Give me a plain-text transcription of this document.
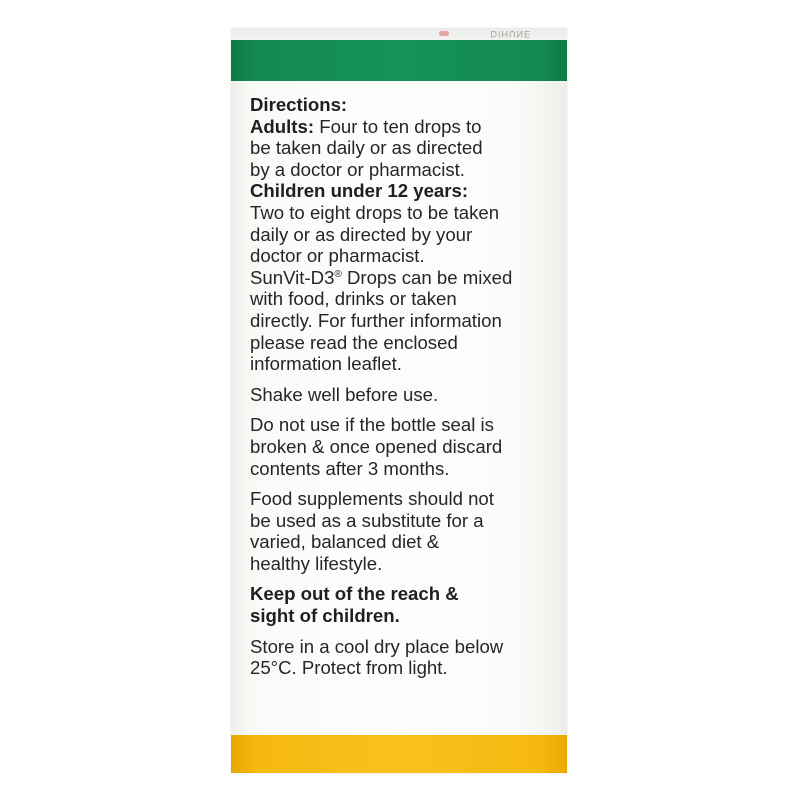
DIHUNE

Directions:
Adults: Four to ten drops to
be taken daily or as directed
by a doctor or pharmacist.
Children under 12 years:
Two to eight drops to be taken
daily or as directed by your
doctor or pharmacist.
SunVit-D3® Drops can be mixed
with food, drinks or taken
directly. For further information
please read the enclosed
information leaflet.

Shake well before use.

Do not use if the bottle seal is
broken & once opened discard
contents after 3 months.

Food supplements should not
be used as a substitute for a
varied, balanced diet &
healthy lifestyle.

Keep out of the reach &
sight of children.

Store in a cool dry place below
25°C. Protect from light.
